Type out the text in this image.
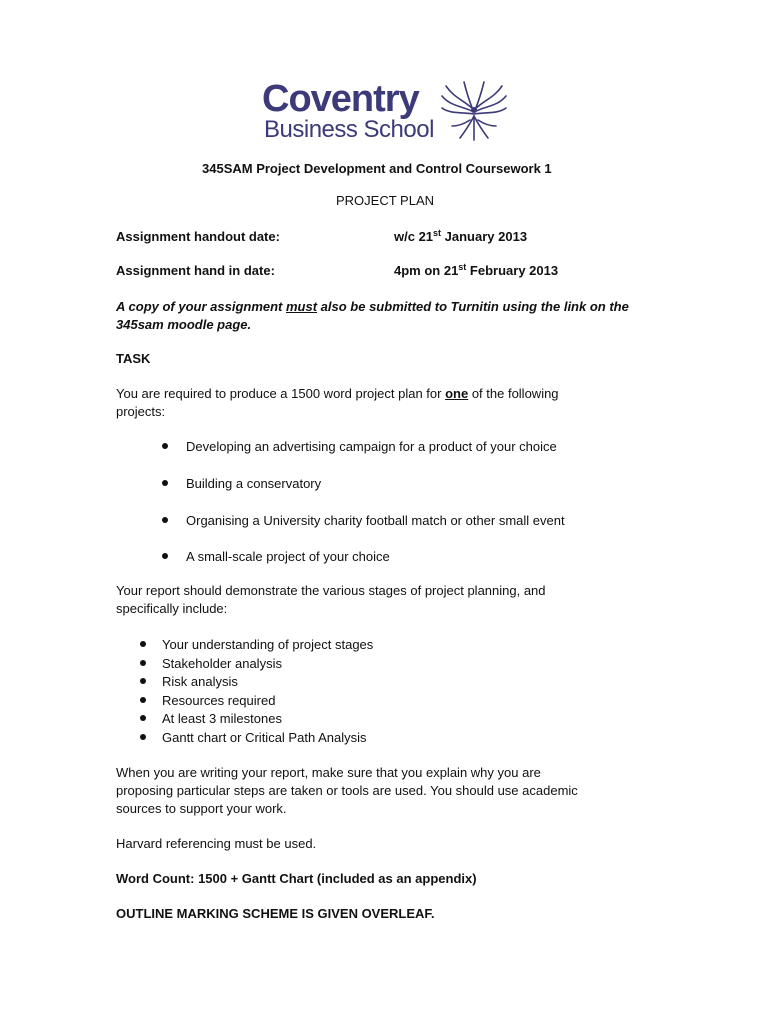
Coventry
Business School
345SAM Project Development and Control Coursework 1
PROJECT PLAN
Assignment handout date:	w/c 21st January 2013
Assignment hand in date:	4pm on 21st February 2013
A copy of your assignment must also be submitted to Turnitin using the link on the
345sam moodle page.
TASK
You are required to produce a 1500 word project plan for one of the following
projects:
Developing an advertising campaign for a product of your choice
Building a conservatory
Organising a University charity football match or other small event
A small-scale project of your choice
Your report should demonstrate the various stages of project planning, and
specifically include:
Your understanding of project stages
Stakeholder analysis
Risk analysis
Resources required
At least 3 milestones
Gantt chart or Critical Path Analysis
When you are writing your report, make sure that you explain why you are
proposing particular steps are taken or tools are used. You should use academic
sources to support your work.
Harvard referencing must be used.
Word Count: 1500 + Gantt Chart (included as an appendix)
OUTLINE MARKING SCHEME IS GIVEN OVERLEAF.
